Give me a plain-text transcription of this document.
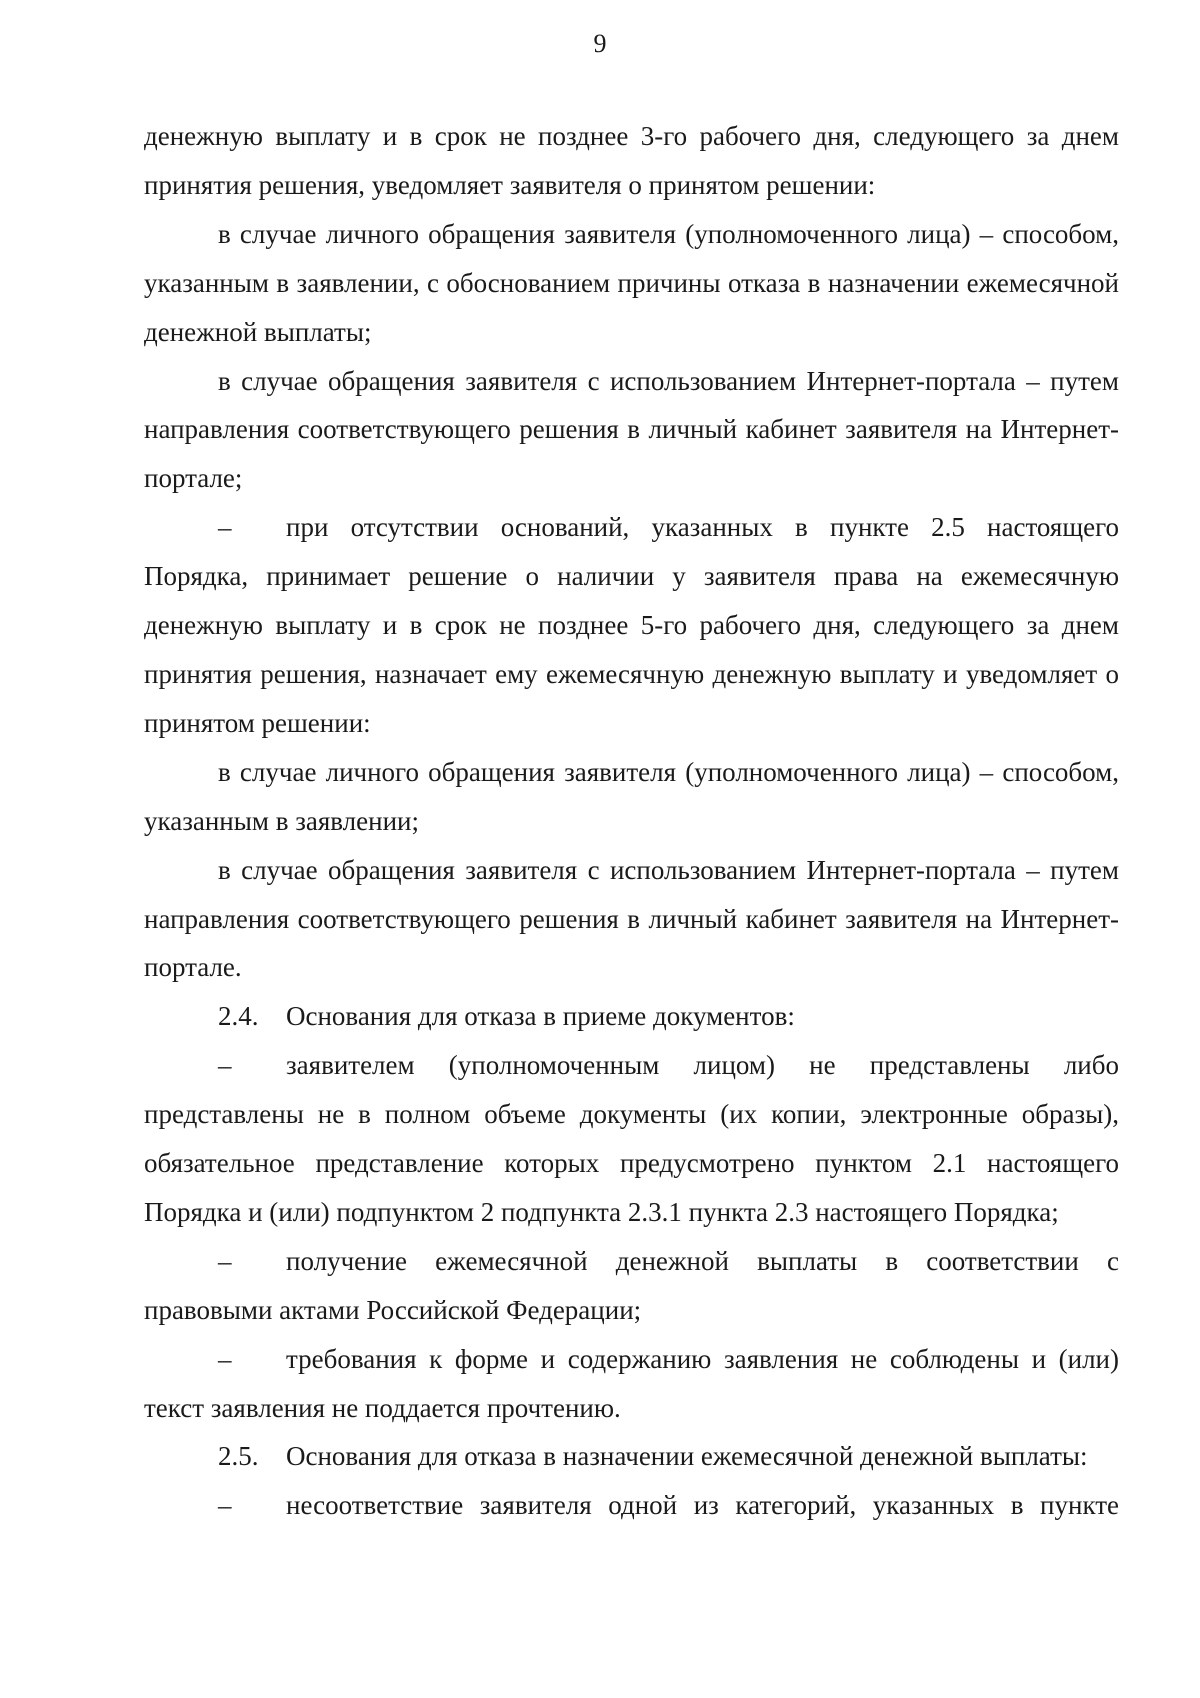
9

денежную выплату и в срок не позднее 3-го рабочего дня, следующего за днем принятия решения, уведомляет заявителя о принятом решении:

в случае личного обращения заявителя (уполномоченного лица) – способом, указанным в заявлении, с обоснованием причины отказа в назначении ежемесячной денежной выплаты;

в случае обращения заявителя с использованием Интернет-портала – путем направления соответствующего решения в личный кабинет заявителя на Интернет-портале;

– при отсутствии оснований, указанных в пункте 2.5 настоящего Порядка, принимает решение о наличии у заявителя права на ежемесячную денежную выплату и в срок не позднее 5-го рабочего дня, следующего за днем принятия решения, назначает ему ежемесячную денежную выплату и уведомляет о принятом решении:

в случае личного обращения заявителя (уполномоченного лица) – способом, указанным в заявлении;

в случае обращения заявителя с использованием Интернет-портала – путем направления соответствующего решения в личный кабинет заявителя на Интернет-портале.

2.4. Основания для отказа в приеме документов:

– заявителем (уполномоченным лицом) не представлены либо представлены не в полном объеме документы (их копии, электронные образы), обязательное представление которых предусмотрено пунктом 2.1 настоящего Порядка и (или) подпунктом 2 подпункта 2.3.1 пункта 2.3 настоящего Порядка;

– получение ежемесячной денежной выплаты в соответствии с правовыми актами Российской Федерации;

– требования к форме и содержанию заявления не соблюдены и (или) текст заявления не поддается прочтению.

2.5. Основания для отказа в назначении ежемесячной денежной выплаты:

– несоответствие заявителя одной из категорий, указанных в пункте
